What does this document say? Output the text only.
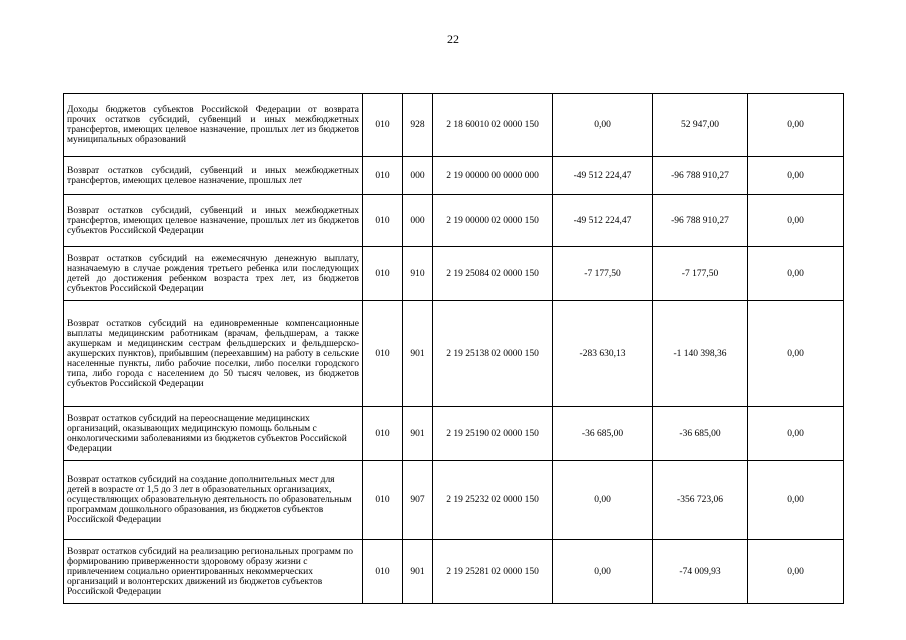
22
Доходы бюджетов субъектов Российской Федерации от возврата прочих остатков субсидий, субвенций и иных межбюджетных трансфертов, имеющих целевое назначение, прошлых лет из бюджетов муниципальных образований	010	928	2 18 60010 02 0000 150	0,00	52 947,00	0,00
Возврат остатков субсидий, субвенций и иных межбюджетных трансфертов, имеющих целевое назначение, прошлых лет	010	000	2 19 00000 00 0000 000	-49 512 224,47	-96 788 910,27	0,00
Возврат остатков субсидий, субвенций и иных межбюджетных трансфертов, имеющих целевое назначение, прошлых лет из бюджетов субъектов Российской Федерации	010	000	2 19 00000 02 0000 150	-49 512 224,47	-96 788 910,27	0,00
Возврат остатков субсидий на ежемесячную денежную выплату, назначаемую в случае рождения третьего ребенка или последующих детей до достижения ребенком возраста трех лет, из бюджетов субъектов Российской Федерации	010	910	2 19 25084 02 0000 150	-7 177,50	-7 177,50	0,00
Возврат остатков субсидий на единовременные компенсационные выплаты медицинским работникам (врачам, фельдшерам, а также акушеркам и медицинским сестрам фельдшерских и фельдшерско-акушерских пунктов), прибывшим (переехавшим) на работу в сельские населенные пункты, либо рабочие поселки, либо поселки городского типа, либо города с населением до 50 тысяч человек, из бюджетов субъектов Российской Федерации	010	901	2 19 25138 02 0000 150	-283 630,13	-1 140 398,36	0,00
Возврат остатков субсидий на переоснащение медицинских организаций, оказывающих медицинскую помощь больным с онкологическими заболеваниями из бюджетов субъектов Российской Федерации	010	901	2 19 25190 02 0000 150	-36 685,00	-36 685,00	0,00
Возврат остатков субсидий на создание дополнительных мест для детей в возрасте от 1,5 до 3 лет в образовательных организациях, осуществляющих образовательную деятельность по образовательным программам дошкольного образования, из бюджетов субъектов Российской Федерации	010	907	2 19 25232 02 0000 150	0,00	-356 723,06	0,00
Возврат остатков субсидий на реализацию региональных программ по формированию приверженности здоровому образу жизни с привлечением социально ориентированных некоммерческих организаций и волонтерских движений из бюджетов субъектов Российской Федерации	010	901	2 19 25281 02 0000 150	0,00	-74 009,93	0,00
